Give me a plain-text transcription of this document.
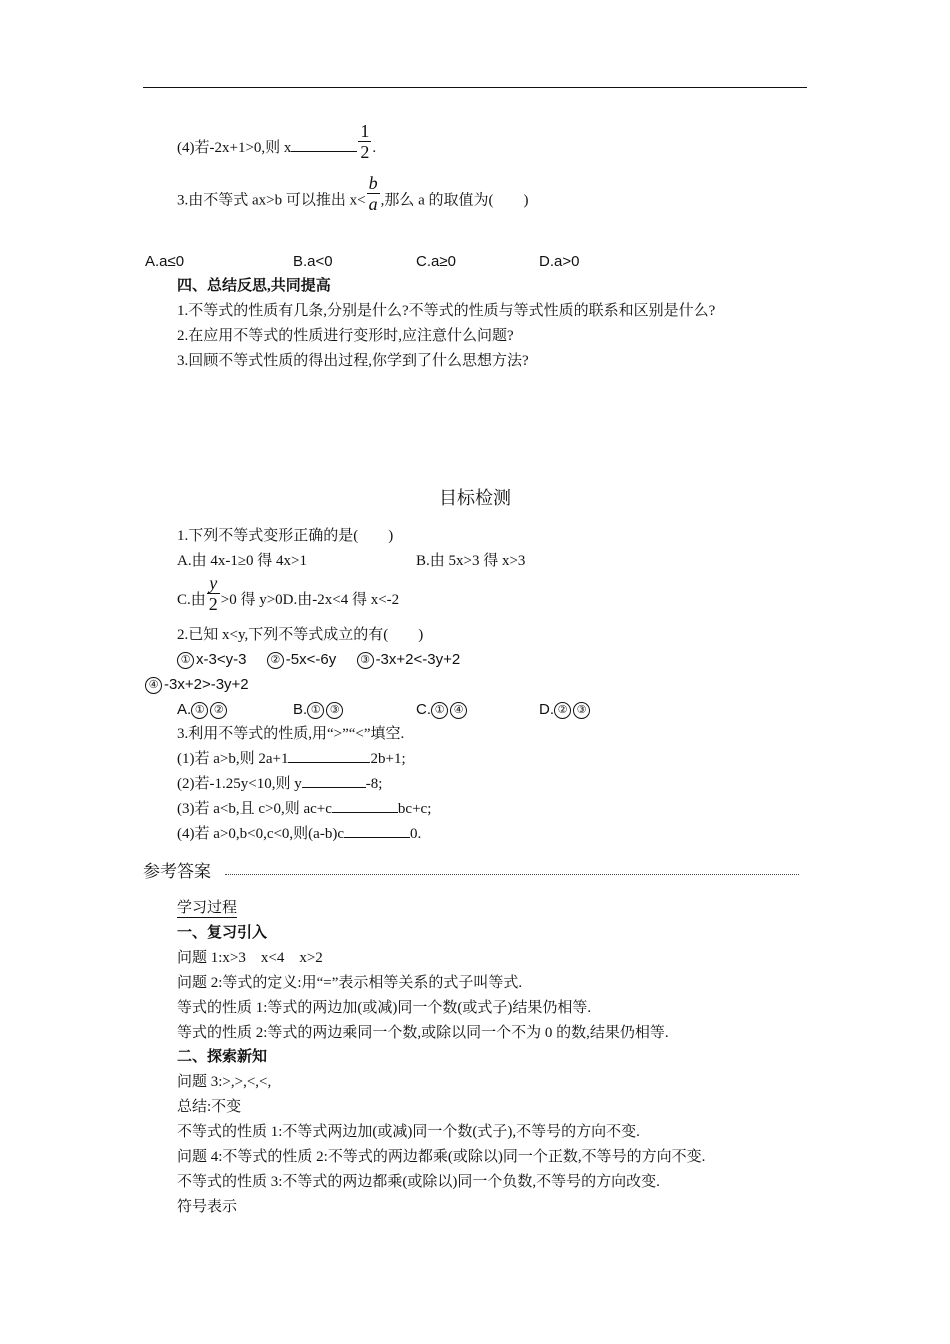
(4)若-2x+1>0,则 x	$\frac{1}{2}$ .
3.由不等式 ax>b 可以推出 $x< \frac{b}{a}$ ,那么 a 的取值为(　　)
A.a≤0	B.a<0	C.a≥0	D.a>0
四、总结反思,共同提高
1.不等式的性质有几条,分别是什么?不等式的性质与等式性质的联系和区别是什么?
2.在应用不等式的性质进行变形时,应注意什么问题?
3.回顾不等式性质的得出过程,你学到了什么思想方法?
目标检测
1.下列不等式变形正确的是(　　)
A.由 4x-1≥0 得 4x>1	B.由 5x>3 得 x>3
C.由 $\frac{y}{2} >0$ 得 y>0D.由-2x<4 得 x<-2
2.已知 x<y,下列不等式成立的有(　　)
① x-3<y-3 ② -5x<-6y ③ -3x+2<-3y+2
④ -3x+2>-3y+2
A. ① ②	B. ① ③	C. ① ④	D. ② ③
3.利用不等式的性质,用“>”“<”填空.
(1)若 a>b,则 2a+1	2b+1;
(2)若-1.25y<10,则 y	-8;
(3)若 a<b,且 c>0,则 ac+c	bc+c;
(4)若 a>0,b<0,c<0,则(a-b)c	0.
参考答案
学习过程
一、复习引入
问题 1:x>3　x<4　x>2
问题 2:等式的定义:用“=”表示相等关系的式子叫等式.
等式的性质 1:等式的两边加(或减)同一个数(或式子)结果仍相等.
等式的性质 2:等式的两边乘同一个数,或除以同一个不为 0 的数,结果仍相等.
二、探索新知
问题 3:>,>,<,<,
总结:不变
不等式的性质 1:不等式两边加(或减)同一个数(式子),不等号的方向不变.
问题 4:不等式的性质 2:不等式的两边都乘(或除以)同一个正数,不等号的方向不变.
不等式的性质 3:不等式的两边都乘(或除以)同一个负数,不等号的方向改变.
符号表示
